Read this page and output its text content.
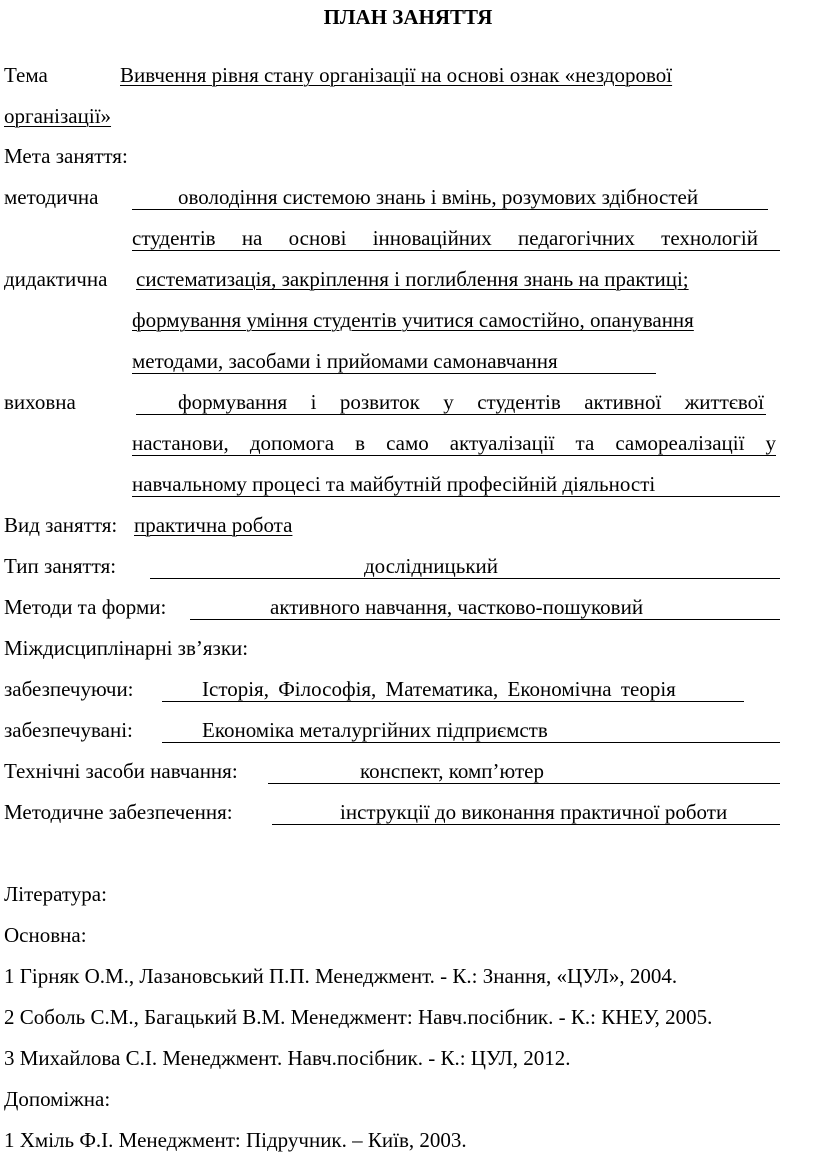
ПЛАН ЗАНЯТТЯ
Тема	Вивчення рівня стану організації на основі ознак «нездорової
організації»
Мета заняття:
методична	оволодіння системою знань і вмінь, розумових здібностей
студентів на основі інноваційних педагогічних технологій
дидактична систематизація, закріплення і поглиблення знань на практиці;
формування уміння студентів учитися самостійно, опанування
методами, засобами і прийомами самонавчання
виховна	формування і розвиток у студентів активної життєвої
настанови, допомога в само актуалізації та самореалізації у
навчальному процесі та майбутній професійній діяльності
Вид заняття: практична робота
Тип заняття:	дослідницький
Методи та форми:	активного навчання, частково-пошуковий
Міждисциплінарні зв’язки:
забезпечуючи:	Історія, Філософія, Математика, Економічна теорія
забезпечувані:	Економіка металургійних підприємств
Технічні засоби навчання:	конспект, комп’ютер
Методичне забезпечення:	інструкції до виконання практичної роботи
Література:
Основна:
1 Гірняк О.М., Лазановський П.П. Менеджмент. - К.: Знання, «ЦУЛ», 2004.
2 Соболь С.М., Багацький В.М. Менеджмент: Навч.посібник. - К.: КНЕУ, 2005.
3 Михайлова С.І. Менеджмент. Навч.посібник. - К.: ЦУЛ, 2012.
Допоміжна:
1 Хміль Ф.І. Менеджмент: Підручник. – Київ, 2003.
